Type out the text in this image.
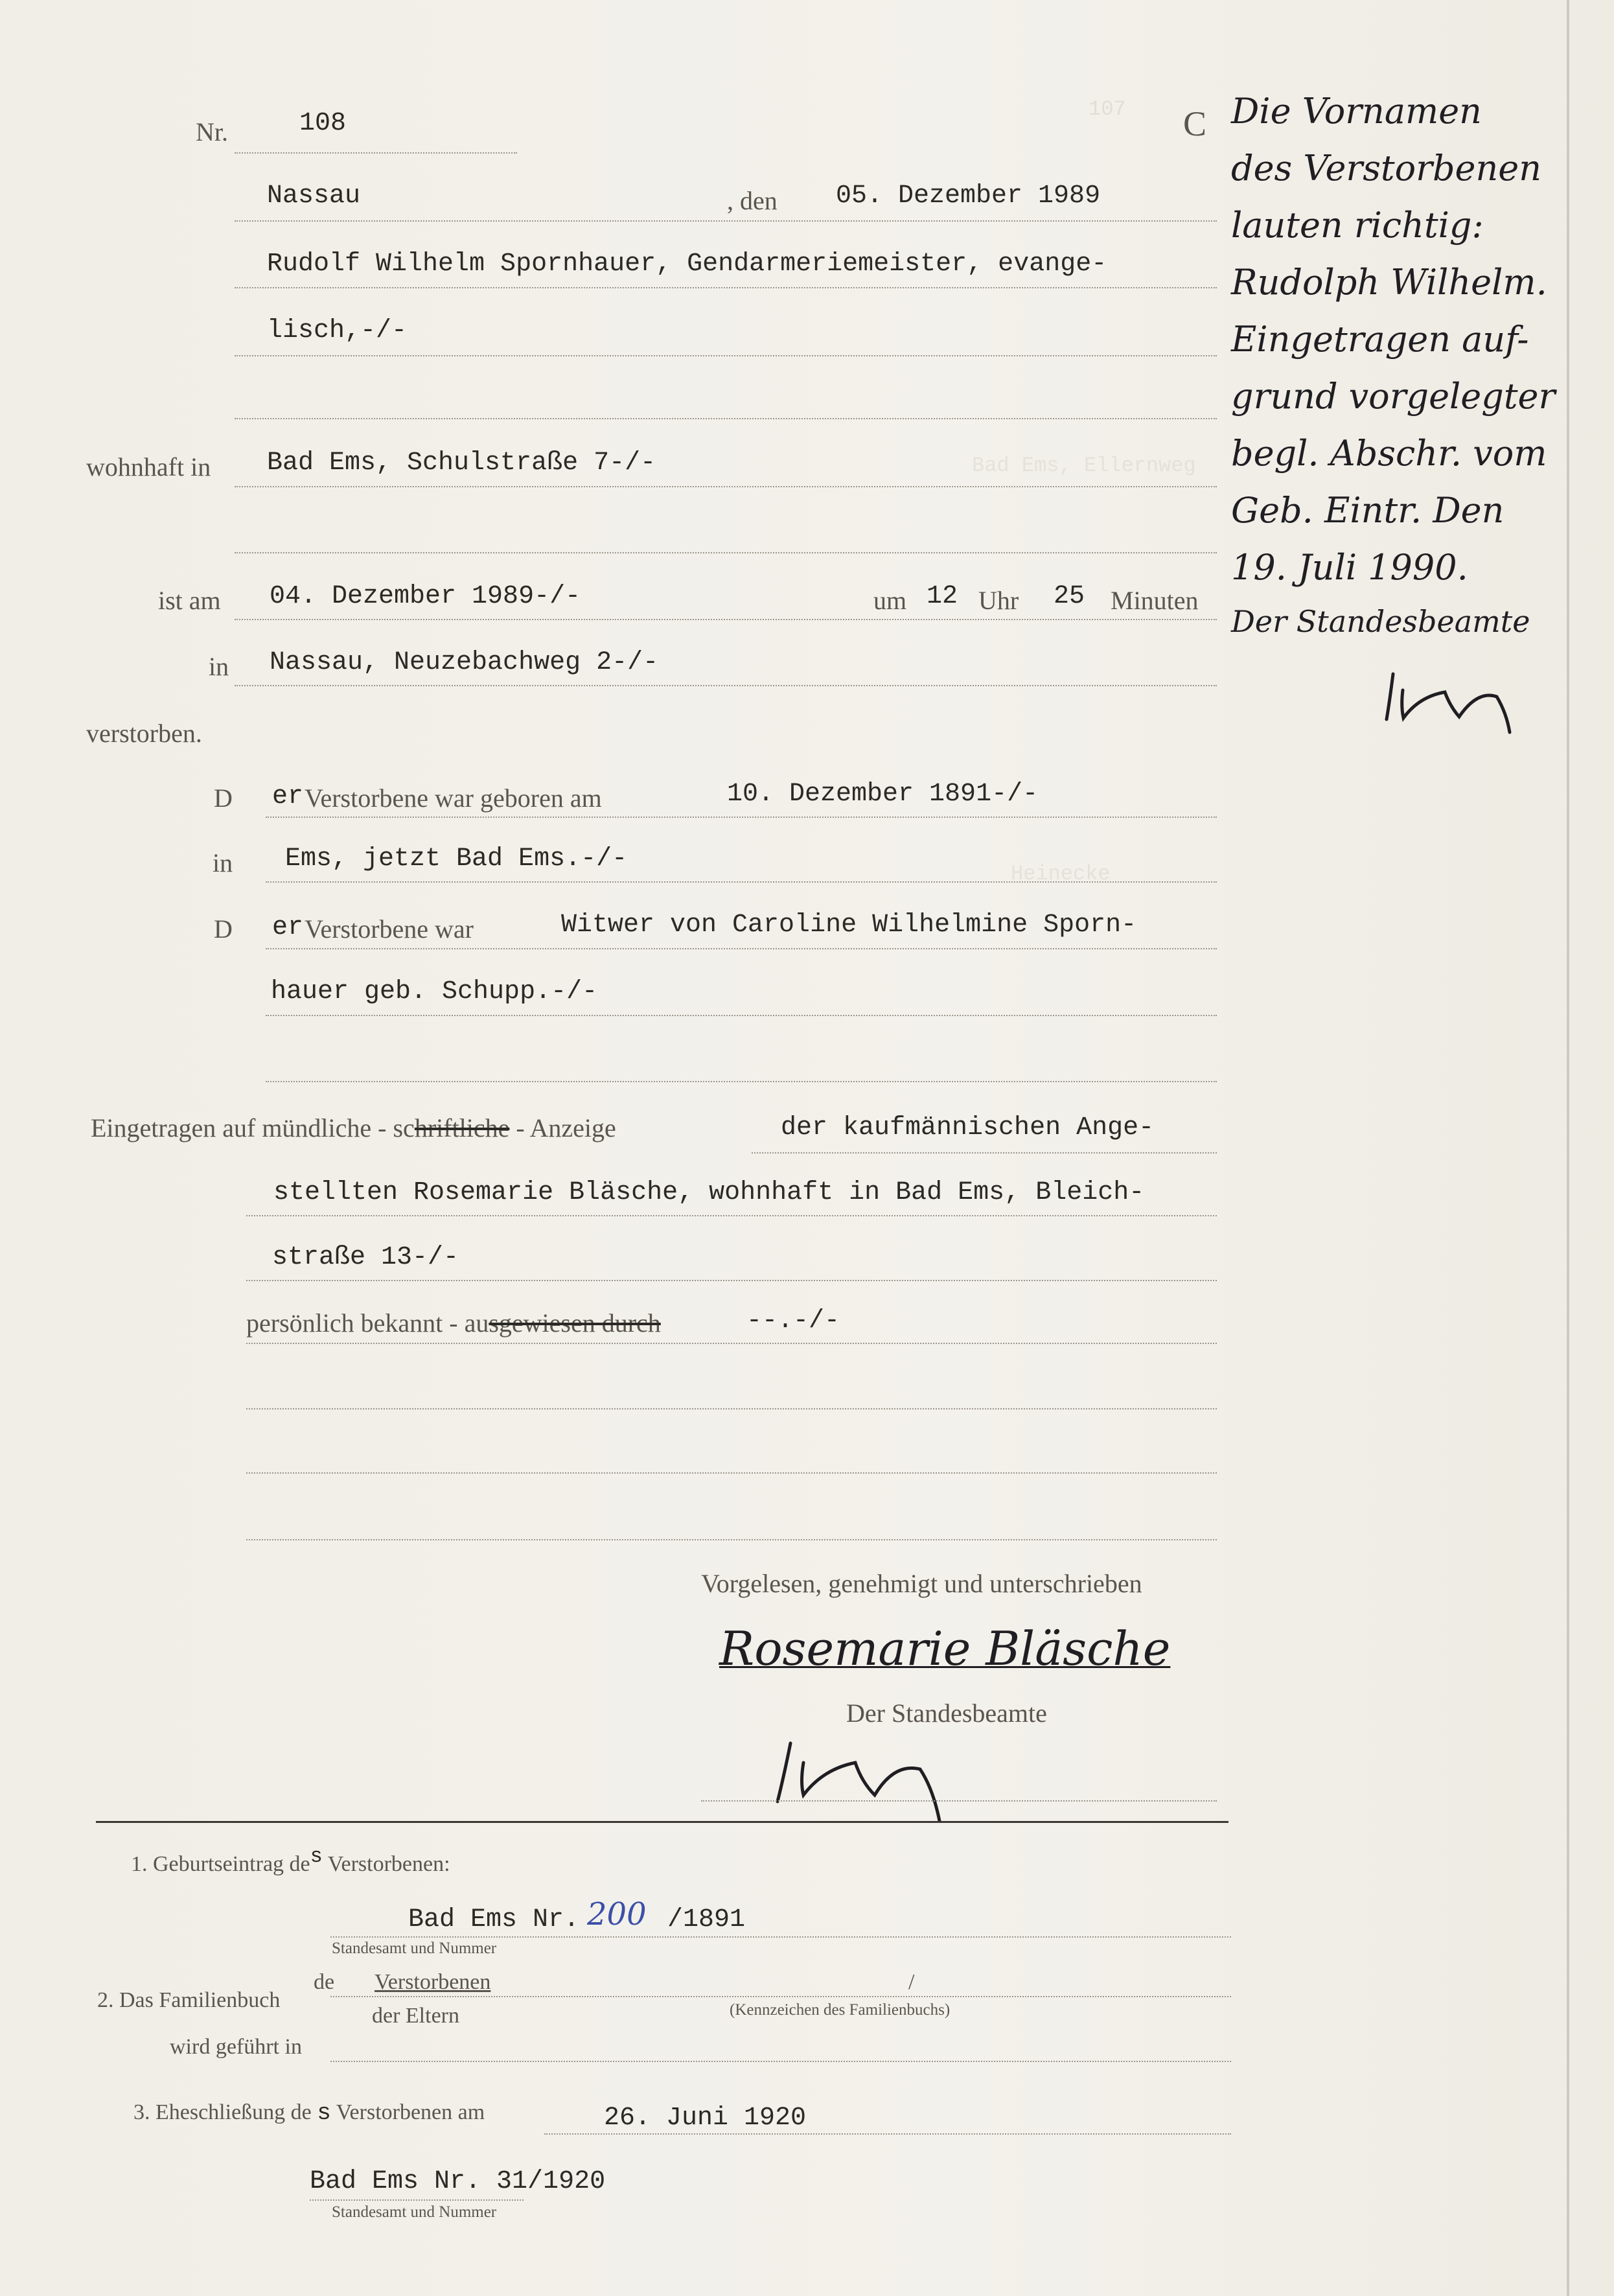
107
Bad Ems, Ellernweg
Heinecke
Nr.	108	C
Nassau	, den 05. Dezember 1989
Rudolf Wilhelm Spornhauer, Gendarmeriemeister, evange-
lisch,-/-
wohnhaft in Bad Ems, Schulstraße 7-/-
ist am 04. Dezember 1989-/-	um 12 Uhr 25 Minuten
in Nassau, Neuzebachweg 2-/-
verstorben.
D er Verstorbene war geboren am	10. Dezember 1891-/-
in Ems, jetzt Bad Ems.-/-
D er Verstorbene war	Witwer von Caroline Wilhelmine Sporn-
hauer geb. Schupp.-/-
Eingetragen auf mündliche - schriftliche - Anzeige	der kaufmännischen Ange-
stellten Rosemarie Bläsche, wohnhaft in Bad Ems, Bleich-
straße 13-/-
persönlich bekannt - ausgewiesen durch	--.-/-
Vorgelesen, genehmigt und unterschrieben
Rosemarie Bläsche
Der Standesbeamte
1. Geburtseintrag des Verstorbenen:
Bad Ems Nr. 200 /1891
Standesamt und Nummer
2. Das Familienbuch
de Verstorbenen
der Eltern
wird geführt in
/
(Kennzeichen des Familienbuchs)
3. Eheschließung de s Verstorbenen am	26. Juni 1920
Bad Ems Nr. 31/1920
Standesamt und Nummer
Die Vornamen
des Verstorbenen
lauten richtig:
Rudolph Wilhelm.
Eingetragen auf-
grund vorgelegter
begl. Abschr. vom
Geb. Eintr. Den
19. Juli 1990.
Der Standesbeamte
